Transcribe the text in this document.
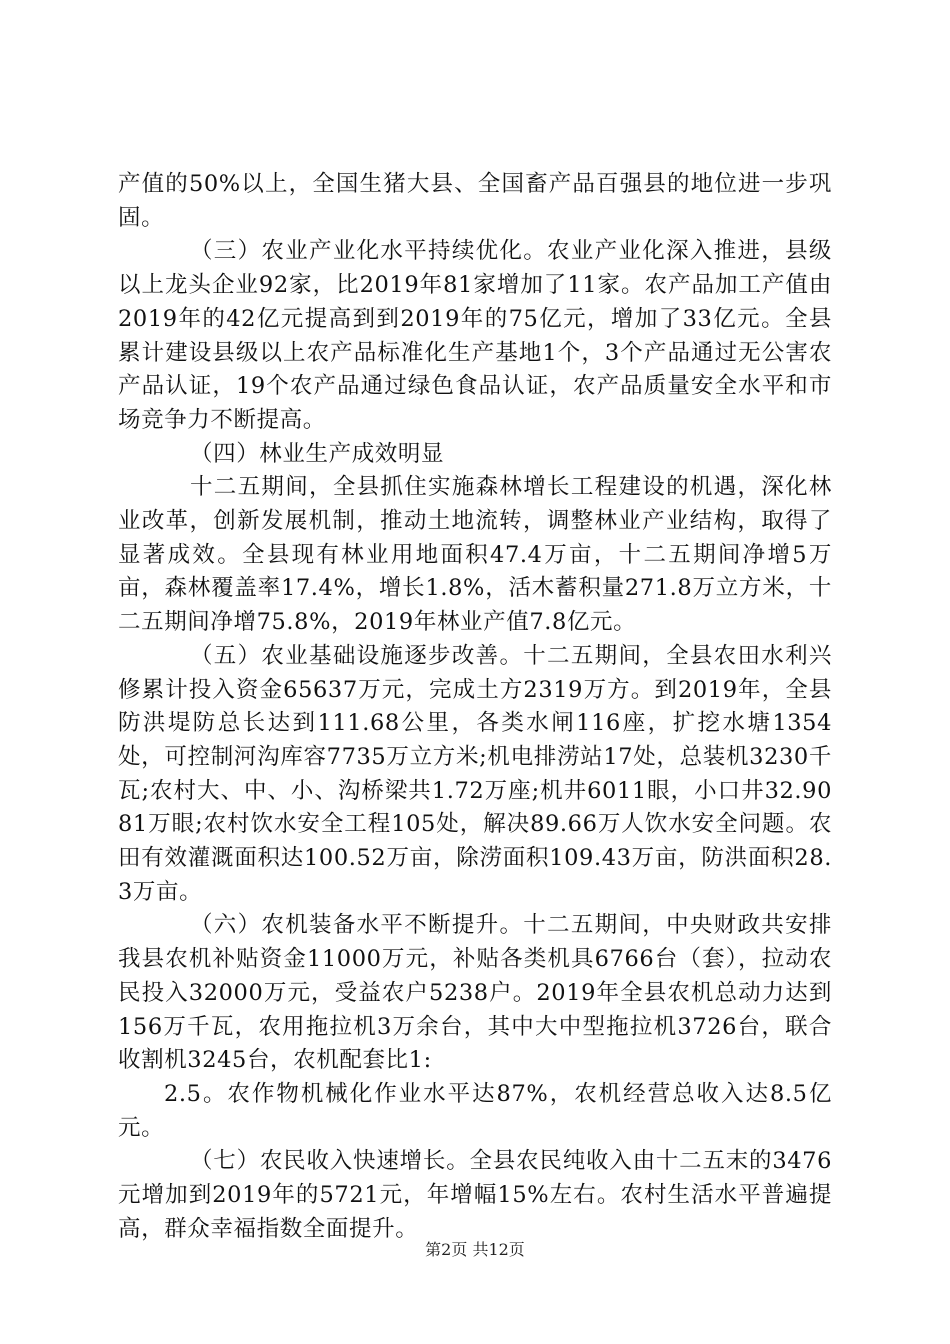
产值的50%以上，全国生猪大县、全国畜产品百强县的地位进一步巩固。

（三）农业产业化水平持续优化。农业产业化深入推进，县级以上龙头企业92家，比2019年81家增加了11家。农产品加工产值由2019年的42亿元提高到到2019年的75亿元，增加了33亿元。全县累计建设县级以上农产品标准化生产基地1个，3个产品通过无公害农产品认证，19个农产品通过绿色食品认证，农产品质量安全水平和市场竞争力不断提高。

（四）林业生产成效明显

十二五期间，全县抓住实施森林增长工程建设的机遇，深化林业改革，创新发展机制，推动土地流转，调整林业产业结构，取得了显著成效。全县现有林业用地面积47.4万亩，十二五期间净增5万亩，森林覆盖率17.4%，增长1.8%，活木蓄积量271.8万立方米，十二五期间净增75.8%，2019年林业产值7.8亿元。

（五）农业基础设施逐步改善。十二五期间，全县农田水利兴修累计投入资金65637万元，完成土方2319万方。到2019年，全县防洪堤防总长达到111.68公里，各类水闸116座，扩挖水塘1354处，可控制河沟库容7735万立方米;机电排涝站17处，总装机3230千瓦;农村大、中、小、沟桥梁共1.72万座;机井6011眼，小口井32.9081万眼;农村饮水安全工程105处，解决89.66万人饮水安全问题。农田有效灌溉面积达100.52万亩，除涝面积109.43万亩，防洪面积28.3万亩。

（六）农机装备水平不断提升。十二五期间，中央财政共安排我县农机补贴资金11000万元，补贴各类机具6766台（套），拉动农民投入32000万元，受益农户5238户。2019年全县农机总动力达到156万千瓦，农用拖拉机3万余台，其中大中型拖拉机3726台，联合收割机3245台，农机配套比1:

2.5。农作物机械化作业水平达87%，农机经营总收入达8.5亿元。

（七）农民收入快速增长。全县农民纯收入由十二五末的3476元增加到2019年的5721元，年增幅15%左右。农村生活水平普遍提高，群众幸福指数全面提升。

第2页 共12页
